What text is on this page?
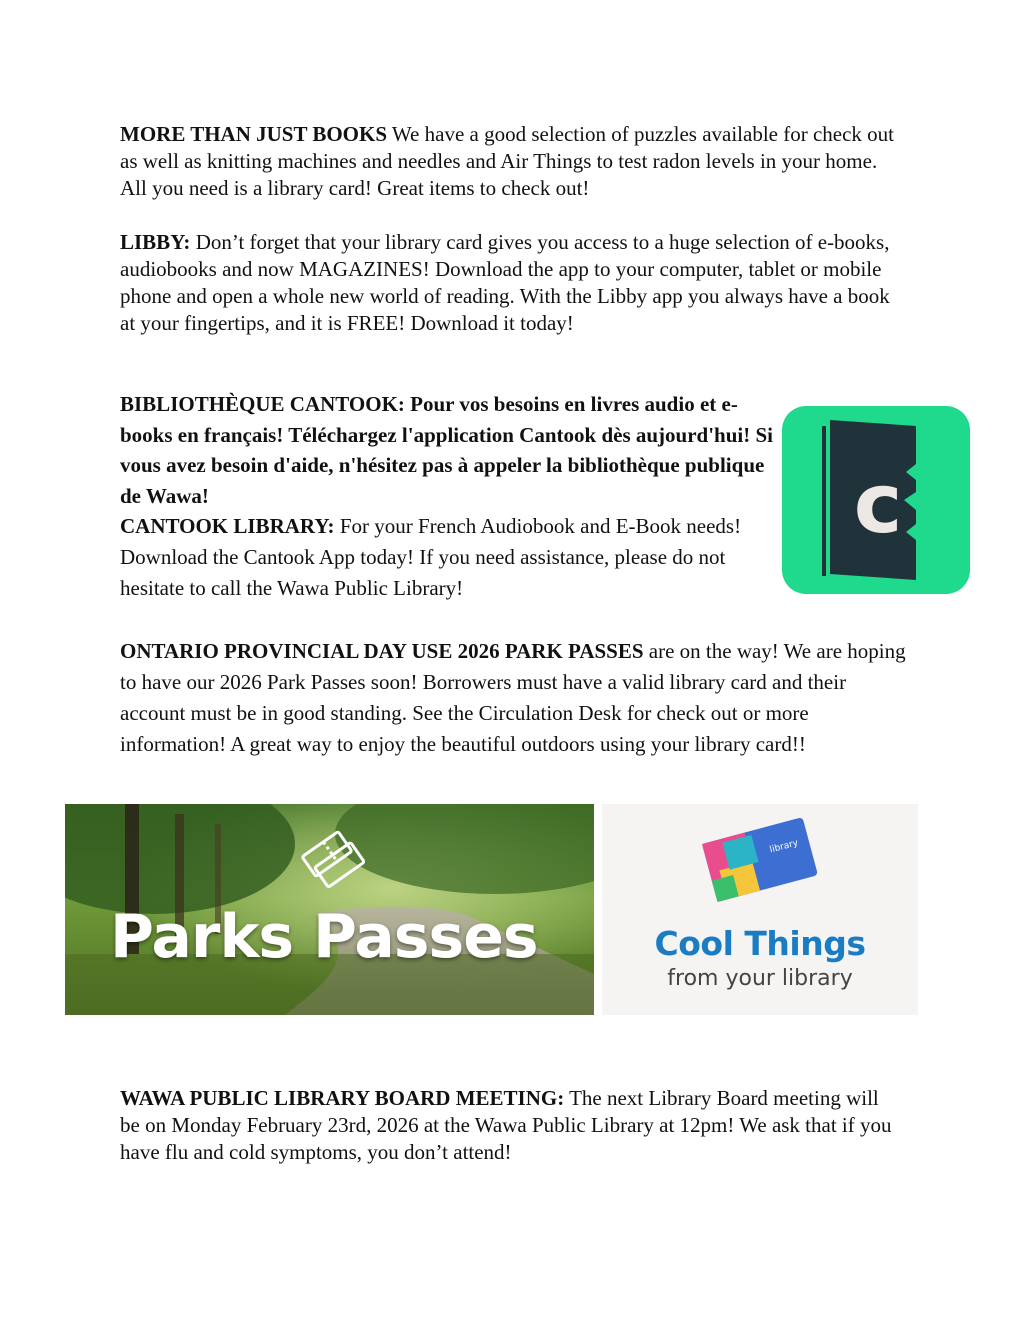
MORE THAN JUST BOOKS We have a good selection of puzzles available for check out as well as knitting machines and needles and Air Things to test radon levels in your home. All you need is a library card! Great items to check out!

LIBBY: Don’t forget that your library card gives you access to a huge selection of e-books, audiobooks and now MAGAZINES! Download the app to your computer, tablet or mobile phone and open a whole new world of reading. With the Libby app you always have a book at your fingertips, and it is FREE! Download it today!

BIBLIOTHÈQUE CANTOOK: Pour vos besoins en livres audio et e-books en français! Téléchargez l'application Cantook dès aujourd'hui! Si vous avez besoin d'aide, n'hésitez pas à appeler la bibliothèque publique de Wawa!

CANTOOK LIBRARY: For your French Audiobook and E-Book needs! Download the Cantook App today! If you need assistance, please do not hesitate to call the Wawa Public Library!

c

ONTARIO PROVINCIAL DAY USE 2026 PARK PASSES are on the way! We are hoping to have our 2026 Park Passes soon! Borrowers must have a valid library card and their account must be in good standing. See the Circulation Desk for check out or more information! A great way to enjoy the beautiful outdoors using your library card!!

Parks Passes
library
Cool Things
from your library

WAWA PUBLIC LIBRARY BOARD MEETING: The next Library Board meeting will be on Monday February 23rd, 2026 at the Wawa Public Library at 12pm! We ask that if you have flu and cold symptoms, you don’t attend!
